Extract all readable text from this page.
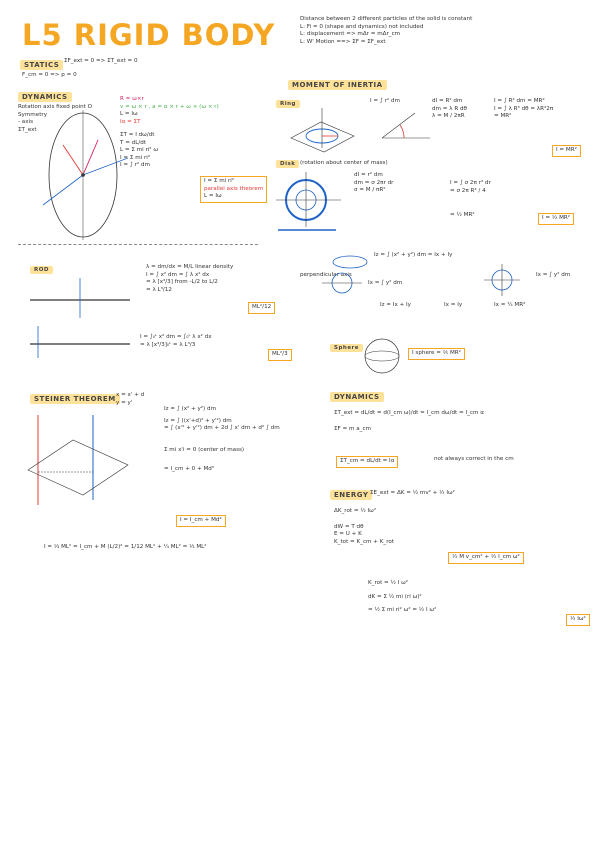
L5 RIGID BODY	Distance between 2 different particles of the solid is constant
L: Fi = 0 (shape and dynamics) not included
L: displacement => mΔr = mΔr_cm
L: W' Motion ==> ΣF = ΣF_ext
STATICS ΣF_ext = 0 => ΣT_ext = 0
F_cm = 0 => p = 0
DYNAMICS
Rotation axis fixed point O
Symmetry
- axis
ΣT_ext
R = ω×r
v = ω × r , a = α × r + ω × (ω × r)
L = Iω
Iα = ΣT
ΣT = I dω/dt
T = dL/dt
L = Σ mi ri² ω
I = Σ mi ri²
I = ∫ r² dm
I = Σ mi ri²
parallel axis theorem
L = Iω
MOMENT OF INERTIA
Ring	I = ∫ r² dm	dI = R² dm
dm = λ R dθ
λ = M / 2πR
I = ∫ R² dm = MR²
I = ∫ λ R³ dθ = λR³2π
= MR²
I = MR²
Disk (rotation about center of mass)
dI = r² dm
dm = σ 2πr dr
σ = M / πR²
I = ∫ σ 2π r³ dr
= σ 2π R⁴ / 4
= ½ MR²	I = ½ MR²
ROD	λ = dm/dx = M/L linear density
I = ∫ x² dm = ∫ λ x² dx
= λ [x³/3] from -L/2 to L/2
= λ L³/12
ML²/12
I = ∫₀ᴸ x² dm = ∫₀ᴸ λ x² dx
= λ [x³/3]₀ᴸ = λ L³/3
ML²/3
Iz = ∫ (x² + y²) dm = Ix + Iy
perpendicular axis
Ix = ∫ y² dm
Ix = ∫ y² dm
Iz = Ix + Iy	Ix = Iy	Ix = ¼ MR²
Sphere
I sphere = ⅖ MR²
STEINER THEOREM x = x' + d
y = y'
Iz = ∫ (x² + y²) dm
Iz = ∫ ((x'+d)² + y'²) dm
= ∫ (x'² + y'²) dm + 2d ∫ x' dm + d² ∫ dm
Σ mi x'i = 0 (center of mass)
= I_cm + 0 + Md²
I = I_cm + Md²
I = ⅓ ML² = I_cm + M (L/2)² = 1/12 ML² + ¼ ML² = ⅓ ML²
DYNAMICS
ΣT_ext = dL/dt = d(I_cm ω)/dt = I_cm dω/dt = I_cm α
ΣF = m a_cm
ΣT_cm = dL/dt = Iα	not always correct in the cm
ENERGY ΣE_ext = ΔK = ½ mv² + ½ Iω²
ΔK_rot = ½ Iω²
dW = T dθ
E = U + K
K_tot = K_cm + K_rot
½ M v_cm² + ½ I_cm ω²
K_rot = ½ I ω²
dK = Σ ½ mi (ri ω)²
= ½ Σ mi ri² ω² = ½ I ω²
½ Iω²
